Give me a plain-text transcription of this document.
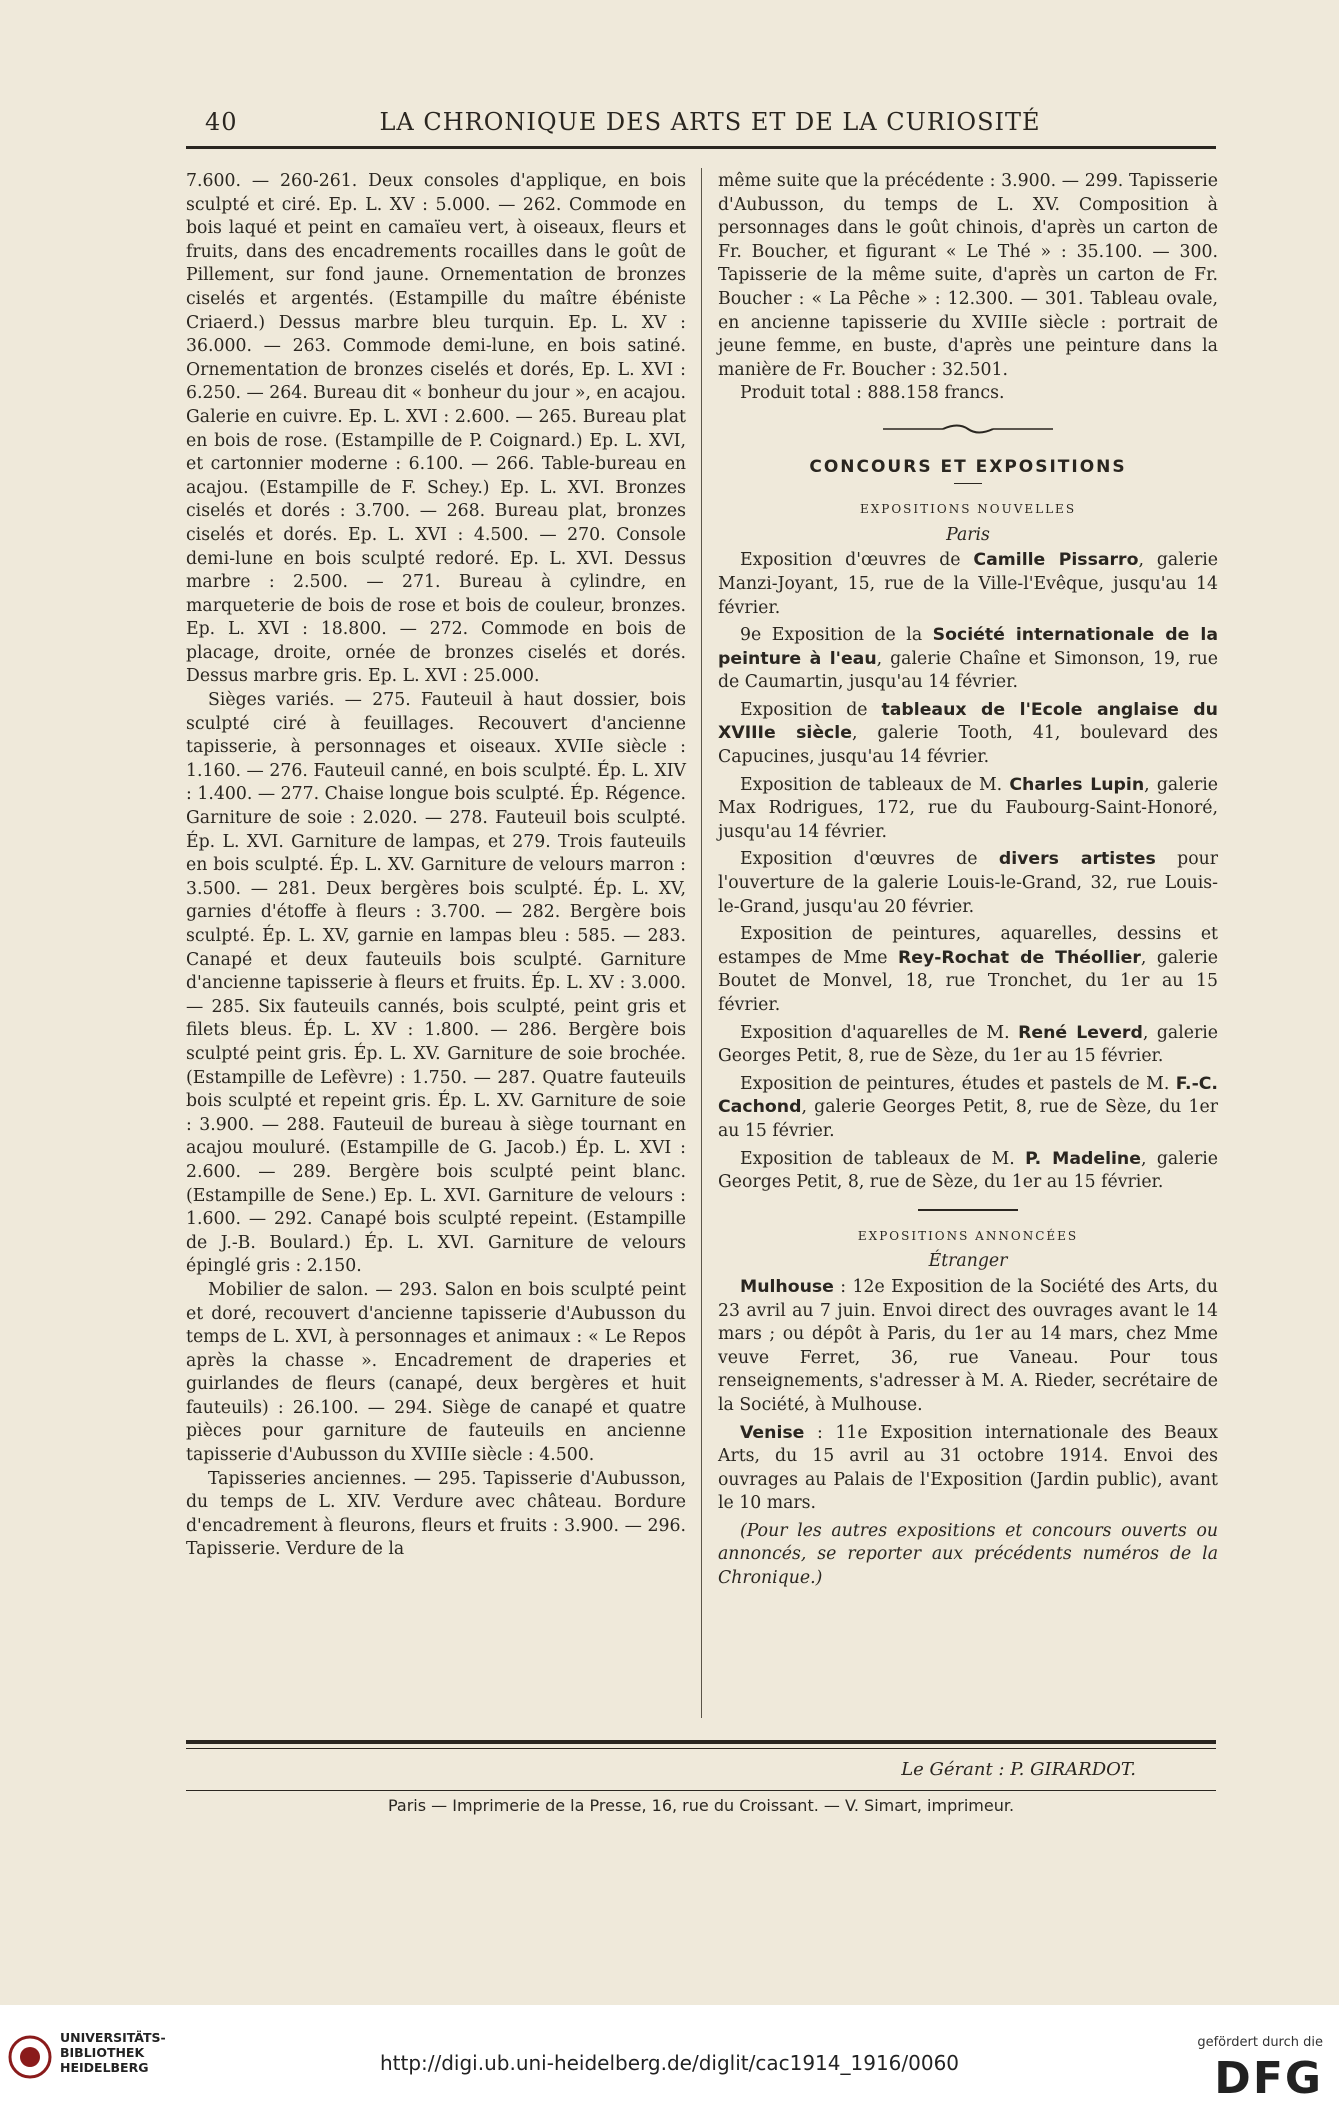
40	LA CHRONIQUE DES ARTS ET DE LA CURIOSITÉ

7.600. — 260-261. Deux consoles d'applique, en bois sculpté et ciré. Ep. L. XV : 5.000. — 262. Commode en bois laqué et peint en camaïeu vert, à oiseaux, fleurs et fruits, dans des encadrements rocailles dans le goût de Pillement, sur fond jaune. Ornementation de bronzes ciselés et argentés. (Estampille du maître ébéniste Criaerd.) Dessus marbre bleu turquin. Ep. L. XV : 36.000. — 263. Commode demi-lune, en bois satiné. Ornementation de bronzes ciselés et dorés, Ep. L. XVI : 6.250. — 264. Bureau dit « bonheur du jour », en acajou. Galerie en cuivre. Ep. L. XVI : 2.600. — 265. Bureau plat en bois de rose. (Estampille de P. Coignard.) Ep. L. XVI, et cartonnier moderne : 6.100. — 266. Table-bureau en acajou. (Estampille de F. Schey.) Ep. L. XVI. Bronzes ciselés et dorés : 3.700. — 268. Bureau plat, bronzes ciselés et dorés. Ep. L. XVI : 4.500. — 270. Console demi-lune en bois sculpté redoré. Ep. L. XVI. Dessus marbre : 2.500. — 271. Bureau à cylindre, en marqueterie de bois de rose et bois de couleur, bronzes. Ep. L. XVI : 18.800. — 272. Commode en bois de placage, droite, ornée de bronzes ciselés et dorés. Dessus marbre gris. Ep. L. XVI : 25.000.

Sièges variés. — 275. Fauteuil à haut dossier, bois sculpté ciré à feuillages. Recouvert d'ancienne tapisserie, à personnages et oiseaux. XVIIe siècle : 1.160. — 276. Fauteuil canné, en bois sculpté. Ép. L. XIV : 1.400. — 277. Chaise longue bois sculpté. Ép. Régence. Garniture de soie : 2.020. — 278. Fauteuil bois sculpté. Ép. L. XVI. Garniture de lampas, et 279. Trois fauteuils en bois sculpté. Ép. L. XV. Garniture de velours marron : 3.500. — 281. Deux bergères bois sculpté. Ép. L. XV, garnies d'étoffe à fleurs : 3.700. — 282. Bergère bois sculpté. Ép. L. XV, garnie en lampas bleu : 585. — 283. Canapé et deux fauteuils bois sculpté. Garniture d'ancienne tapisserie à fleurs et fruits. Ép. L. XV : 3.000. — 285. Six fauteuils cannés, bois sculpté, peint gris et filets bleus. Ép. L. XV : 1.800. — 286. Bergère bois sculpté peint gris. Ép. L. XV. Garniture de soie brochée. (Estampille de Lefèvre) : 1.750. — 287. Quatre fauteuils bois sculpté et repeint gris. Ép. L. XV. Garniture de soie : 3.900. — 288. Fauteuil de bureau à siège tournant en acajou mouluré. (Estampille de G. Jacob.) Ép. L. XVI : 2.600. — 289. Bergère bois sculpté peint blanc. (Estampille de Sene.) Ep. L. XVI. Garniture de velours : 1.600. — 292. Canapé bois sculpté repeint. (Estampille de J.-B. Boulard.) Ép. L. XVI. Garniture de velours épinglé gris : 2.150.

Mobilier de salon. — 293. Salon en bois sculpté peint et doré, recouvert d'ancienne tapisserie d'Aubusson du temps de L. XVI, à personnages et animaux : « Le Repos après la chasse ». Encadrement de draperies et guirlandes de fleurs (canapé, deux bergères et huit fauteuils) : 26.100. — 294. Siège de canapé et quatre pièces pour garniture de fauteuils en ancienne tapisserie d'Aubusson du XVIIIe siècle : 4.500.

Tapisseries anciennes. — 295. Tapisserie d'Aubusson, du temps de L. XIV. Verdure avec château. Bordure d'encadrement à fleurons, fleurs et fruits : 3.900. — 296. Tapisserie. Verdure de la

même suite que la précédente : 3.900. — 299. Tapisserie d'Aubusson, du temps de L. XV. Composition à personnages dans le goût chinois, d'après un carton de Fr. Boucher, et figurant « Le Thé » : 35.100. — 300. Tapisserie de la même suite, d'après un carton de Fr. Boucher : « La Pêche » : 12.300. — 301. Tableau ovale, en ancienne tapisserie du XVIIIe siècle : portrait de jeune femme, en buste, d'après une peinture dans la manière de Fr. Boucher : 32.501.

Produit total : 888.158 francs.

CONCOURS ET EXPOSITIONS
EXPOSITIONS NOUVELLES
Paris

Exposition d'œuvres de Camille Pissarro, galerie Manzi-Joyant, 15, rue de la Ville-l'Evêque, jusqu'au 14 février.

9e Exposition de la Société internationale de la peinture à l'eau, galerie Chaîne et Simonson, 19, rue de Caumartin, jusqu'au 14 février.

Exposition de tableaux de l'Ecole anglaise du XVIIIe siècle, galerie Tooth, 41, boulevard des Capucines, jusqu'au 14 février.

Exposition de tableaux de M. Charles Lupin, galerie Max Rodrigues, 172, rue du Faubourg-Saint-Honoré, jusqu'au 14 février.

Exposition d'œuvres de divers artistes pour l'ouverture de la galerie Louis-le-Grand, 32, rue Louis-le-Grand, jusqu'au 20 février.

Exposition de peintures, aquarelles, dessins et estampes de Mme Rey-Rochat de Théollier, galerie Boutet de Monvel, 18, rue Tronchet, du 1er au 15 février.

Exposition d'aquarelles de M. René Leverd, galerie Georges Petit, 8, rue de Sèze, du 1er au 15 février.

Exposition de peintures, études et pastels de M. F.-C. Cachond, galerie Georges Petit, 8, rue de Sèze, du 1er au 15 février.

Exposition de tableaux de M. P. Madeline, galerie Georges Petit, 8, rue de Sèze, du 1er au 15 février.

EXPOSITIONS ANNONCÉES
Étranger

Mulhouse : 12e Exposition de la Société des Arts, du 23 avril au 7 juin. Envoi direct des ouvrages avant le 14 mars ; ou dépôt à Paris, du 1er au 14 mars, chez Mme veuve Ferret, 36, rue Vaneau. Pour tous renseignements, s'adresser à M. A. Rieder, secrétaire de la Société, à Mulhouse.

Venise : 11e Exposition internationale des Beaux Arts, du 15 avril au 31 octobre 1914. Envoi des ouvrages au Palais de l'Exposition (Jardin public), avant le 10 mars.

(Pour les autres expositions et concours ouverts ou annoncés, se reporter aux précédents numéros de la Chronique.)

Le Gérant : P. GIRARDOT.
Paris — Imprimerie de la Presse, 16, rue du Croissant. — V. Simart, imprimeur.
UNIVERSITÄTS-
BIBLIOTHEK
HEIDELBERG	http://digi.ub.uni-heidelberg.de/diglit/cac1914_1916/0060
gefördert durch die
DFG
